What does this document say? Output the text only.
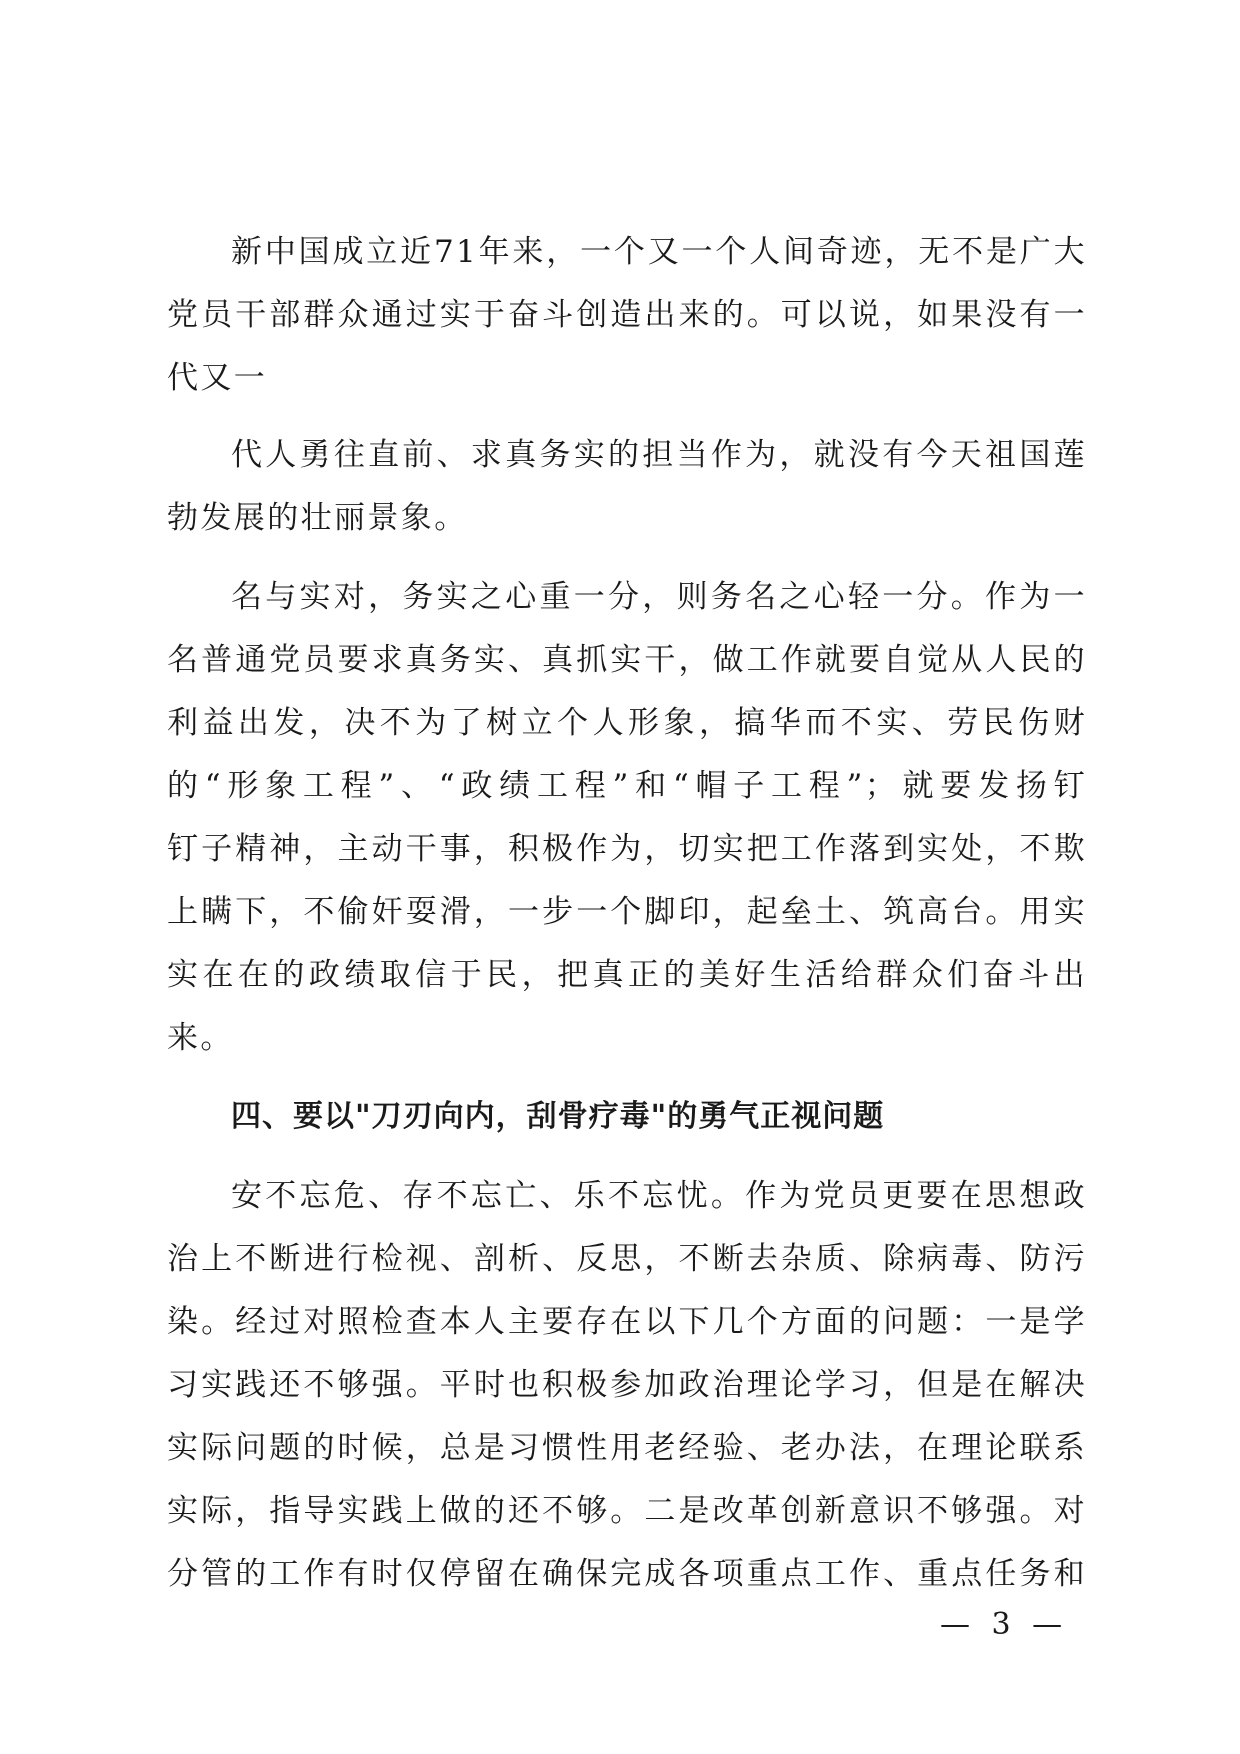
新中国成立近71年来，一个又一个人间奇迹，无不是广大
党员干部群众通过实于奋斗创造出来的。可以说，如果没有一
代又一
代人勇往直前、求真务实的担当作为，就没有今天祖国莲
勃发展的壮丽景象。
名与实对，务实之心重一分，则务名之心轻一分。作为一
名普通党员要求真务实、真抓实干，做工作就要自觉从人民的
利益出发，决不为了树立个人形象，搞华而不实、劳民伤财
的“形象工程”、“政绩工程”和“帽子工程”；就要发扬钉
钉子精神，主动干事，积极作为，切实把工作落到实处，不欺
上瞒下，不偷奸耍滑，一步一个脚印，起垒土、筑高台。用实
实在在的政绩取信于民，把真正的美好生活给群众们奋斗出
来。
四、要以"刀刃向内，刮骨疗毒"的勇气正视问题
安不忘危、存不忘亡、乐不忘忧。作为党员更要在思想政
治上不断进行检视、剖析、反思，不断去杂质、除病毒、防污
染。经过对照检查本人主要存在以下几个方面的问题：一是学
习实践还不够强。平时也积极参加政治理论学习，但是在解决
实际问题的时候，总是习惯性用老经验、老办法，在理论联系
实际，指导实践上做的还不够。二是改革创新意识不够强。对
分管的工作有时仅停留在确保完成各项重点工作、重点任务和
— 3 —
